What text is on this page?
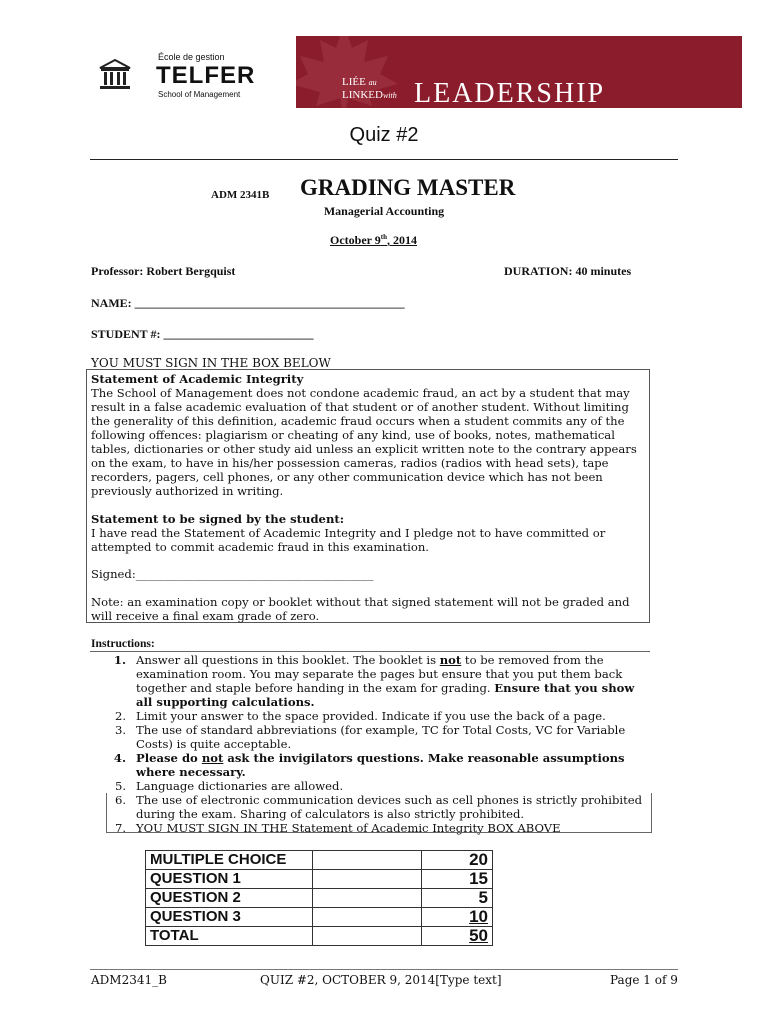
École de gestion
TELFER
School of Management
LIÉE au
LINKEDwith LEADERSHIP
Quiz #2
ADM 2341B GRADING MASTER
Managerial Accounting
October 9th, 2014
Professor: Robert Bergquist	DURATION: 40 minutes
NAME: _____________________________________________
STUDENT #: _________________________
YOU MUST SIGN IN THE BOX BELOW

Statement of Academic Integrity

The School of Management does not condone academic fraud, an act by a student that may result in a false academic evaluation of that student or of another student. Without limiting the generality of this definition, academic fraud occurs when a student commits any of the following offences: plagiarism or cheating of any kind, use of books, notes, mathematical tables, dictionaries or other study aid unless an explicit written note to the contrary appears on the exam, to have in his/her possession cameras, radios (radios with head sets), tape recorders, pagers, cell phones, or any other communication device which has not been previously authorized in writing.

Statement to be signed by the student:

I have read the Statement of Academic Integrity and I pledge not to have committed or attempted to commit academic fraud in this examination.

Signed:_________________________________________

Note: an examination copy or booklet without that signed statement will not be graded and will receive a final exam grade of zero.

Instructions:
1. Answer all questions in this booklet. The booklet is not to be removed from the examination room. You may separate the pages but ensure that you put them back together and staple before handing in the exam for grading. Ensure that you show all supporting calculations.
2. Limit your answer to the space provided. Indicate if you use the back of a page.
3. The use of standard abbreviations (for example, TC for Total Costs, VC for Variable Costs) is quite acceptable.
4. Please do not ask the invigilators questions. Make reasonable assumptions where necessary.
5. Language dictionaries are allowed.
6. The use of electronic communication devices such as cell phones is strictly prohibited during the exam. Sharing of calculators is also strictly prohibited.
7. YOU MUST SIGN IN THE Statement of Academic Integrity BOX ABOVE
MULTIPLE CHOICE		20
QUESTION 1		15
QUESTION 2		5
QUESTION 3		10
TOTAL		50
ADM2341_B	QUIZ #2, OCTOBER 9, 2014[Type text]	Page 1 of 9
